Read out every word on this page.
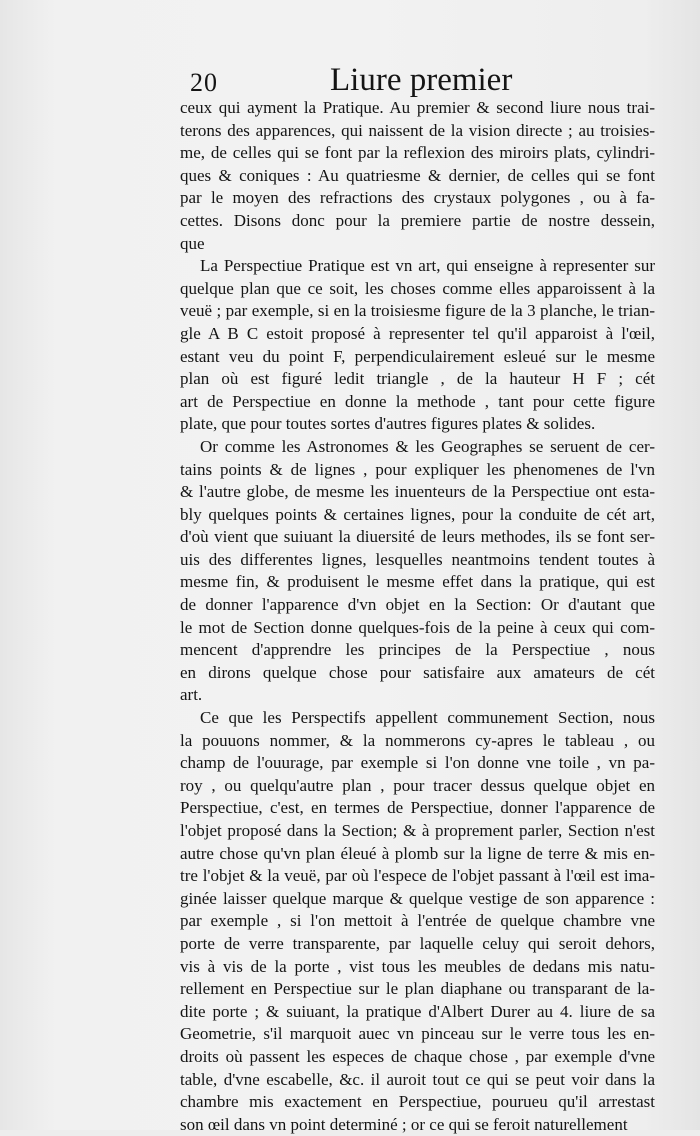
20	Liure premier
ceux qui ayment la Pratique. Au premier & second liure nous trai-
terons des apparences, qui naissent de la vision directe ; au troisies-
me, de celles qui se font par la reflexion des miroirs plats, cylindri-
ques & coniques : Au quatriesme & dernier, de celles qui se font
par le moyen des refractions des crystaux polygones , ou à fa-
cettes. Disons donc pour la premiere partie de nostre dessein,
que
La Perspectiue Pratique est vn art, qui enseigne à representer sur
quelque plan que ce soit, les choses comme elles apparoissent à la
veuë ; par exemple, si en la troisiesme figure de la 3 planche, le trian-
gle A B C estoit proposé à representer tel qu'il apparoist à l'œil,
estant veu du point F, perpendiculairement esleué sur le mesme
plan où est figuré ledit triangle , de la hauteur H F ; cét
art de Perspectiue en donne la methode , tant pour cette figure
plate, que pour toutes sortes d'autres figures plates & solides.
Or comme les Astronomes & les Geographes se seruent de cer-
tains points & de lignes , pour expliquer les phenomenes de l'vn
& l'autre globe, de mesme les inuenteurs de la Perspectiue ont esta-
bly quelques points & certaines lignes, pour la conduite de cét art,
d'où vient que suiuant la diuersité de leurs methodes, ils se font ser-
uis des differentes lignes, lesquelles neantmoins tendent toutes à
mesme fin, & produisent le mesme effet dans la pratique, qui est
de donner l'apparence d'vn objet en la Section: Or d'autant que
le mot de Section donne quelques-fois de la peine à ceux qui com-
mencent d'apprendre les principes de la Perspectiue , nous
en dirons quelque chose pour satisfaire aux amateurs de cét
art.
Ce que les Perspectifs appellent communement Section, nous
la pouuons nommer, & la nommerons cy-apres le tableau , ou
champ de l'ouurage, par exemple si l'on donne vne toile , vn pa-
roy , ou quelqu'autre plan , pour tracer dessus quelque objet en
Perspectiue, c'est, en termes de Perspectiue, donner l'apparence de
l'objet proposé dans la Section; & à proprement parler, Section n'est
autre chose qu'vn plan éleué à plomb sur la ligne de terre & mis en-
tre l'objet & la veuë, par où l'espece de l'objet passant à l'œil est ima-
ginée laisser quelque marque & quelque vestige de son apparence :
par exemple , si l'on mettoit à l'entrée de quelque chambre vne
porte de verre transparente, par laquelle celuy qui seroit dehors,
vis à vis de la porte , vist tous les meubles de dedans mis natu-
rellement en Perspectiue sur le plan diaphane ou transparant de la-
dite porte ; & suiuant, la pratique d'Albert Durer au 4. liure de sa
Geometrie, s'il marquoit auec vn pinceau sur le verre tous les en-
droits où passent les especes de chaque chose , par exemple d'vne
table, d'vne escabelle, &c. il auroit tout ce qui se peut voir dans la
chambre mis exactement en Perspectiue, pourueu qu'il arrestast
son œil dans vn point determiné ; or ce qui se feroit naturellement
